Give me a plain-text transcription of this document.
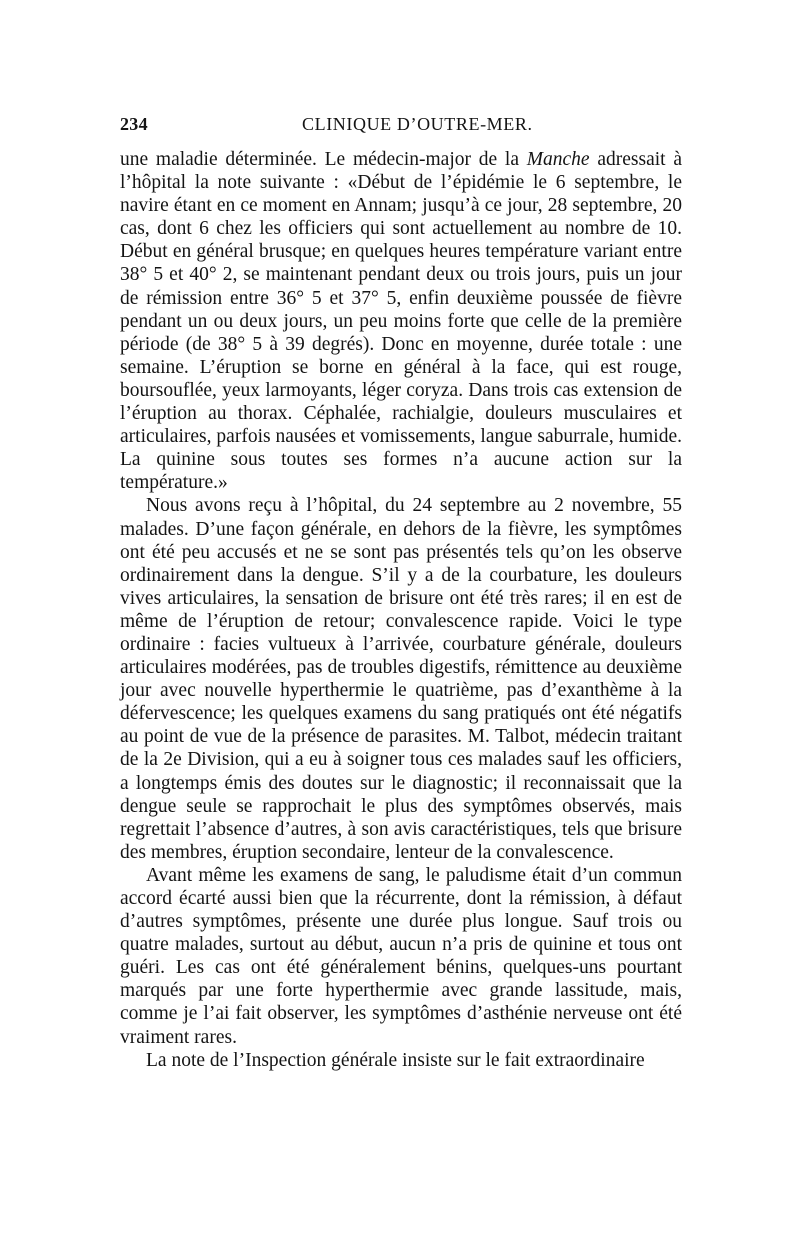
234	CLINIQUE D’OUTRE-MER.

une maladie déterminée. Le médecin-major de la Manche adressait à l’hôpital la note suivante : «Début de l’épidémie le 6 septembre, le navire étant en ce moment en Annam; jusqu’à ce jour, 28 septembre, 20 cas, dont 6 chez les officiers qui sont actuellement au nombre de 10. Début en général brusque; en quelques heures température variant entre 38° 5 et 40° 2, se maintenant pendant deux ou trois jours, puis un jour de rémission entre 36° 5 et 37° 5, enfin deuxième poussée de fièvre pendant un ou deux jours, un peu moins forte que celle de la première période (de 38° 5 à 39 degrés). Donc en moyenne, durée totale : une semaine. L’éruption se borne en général à la face, qui est rouge, boursouflée, yeux larmoyants, léger coryza. Dans trois cas extension de l’éruption au thorax. Céphalée, rachialgie, douleurs musculaires et articulaires, parfois nausées et vomissements, langue saburrale, humide. La quinine sous toutes ses formes n’a aucune action sur la température.»

Nous avons reçu à l’hôpital, du 24 septembre au 2 novembre, 55 malades. D’une façon générale, en dehors de la fièvre, les symptômes ont été peu accusés et ne se sont pas présentés tels qu’on les observe ordinairement dans la dengue. S’il y a de la courbature, les douleurs vives articulaires, la sensation de brisure ont été très rares; il en est de même de l’éruption de retour; convalescence rapide. Voici le type ordinaire : facies vultueux à l’arrivée, courbature générale, douleurs articulaires modérées, pas de troubles digestifs, rémittence au deuxième jour avec nouvelle hyperthermie le quatrième, pas d’exanthème à la défervescence; les quelques examens du sang pratiqués ont été négatifs au point de vue de la présence de parasites. M. Talbot, médecin traitant de la 2e Division, qui a eu à soigner tous ces malades sauf les officiers, a longtemps émis des doutes sur le diagnostic; il reconnaissait que la dengue seule se rapprochait le plus des symptômes observés, mais regrettait l’absence d’autres, à son avis caractéristiques, tels que brisure des membres, éruption secondaire, lenteur de la convalescence.

Avant même les examens de sang, le paludisme était d’un commun accord écarté aussi bien que la récurrente, dont la rémission, à défaut d’autres symptômes, présente une durée plus longue. Sauf trois ou quatre malades, surtout au début, aucun n’a pris de quinine et tous ont guéri. Les cas ont été généralement bénins, quelques-uns pourtant marqués par une forte hyperthermie avec grande lassitude, mais, comme je l’ai fait observer, les symptômes d’asthénie nerveuse ont été vraiment rares.

La note de l’Inspection générale insiste sur le fait extraordinaire
